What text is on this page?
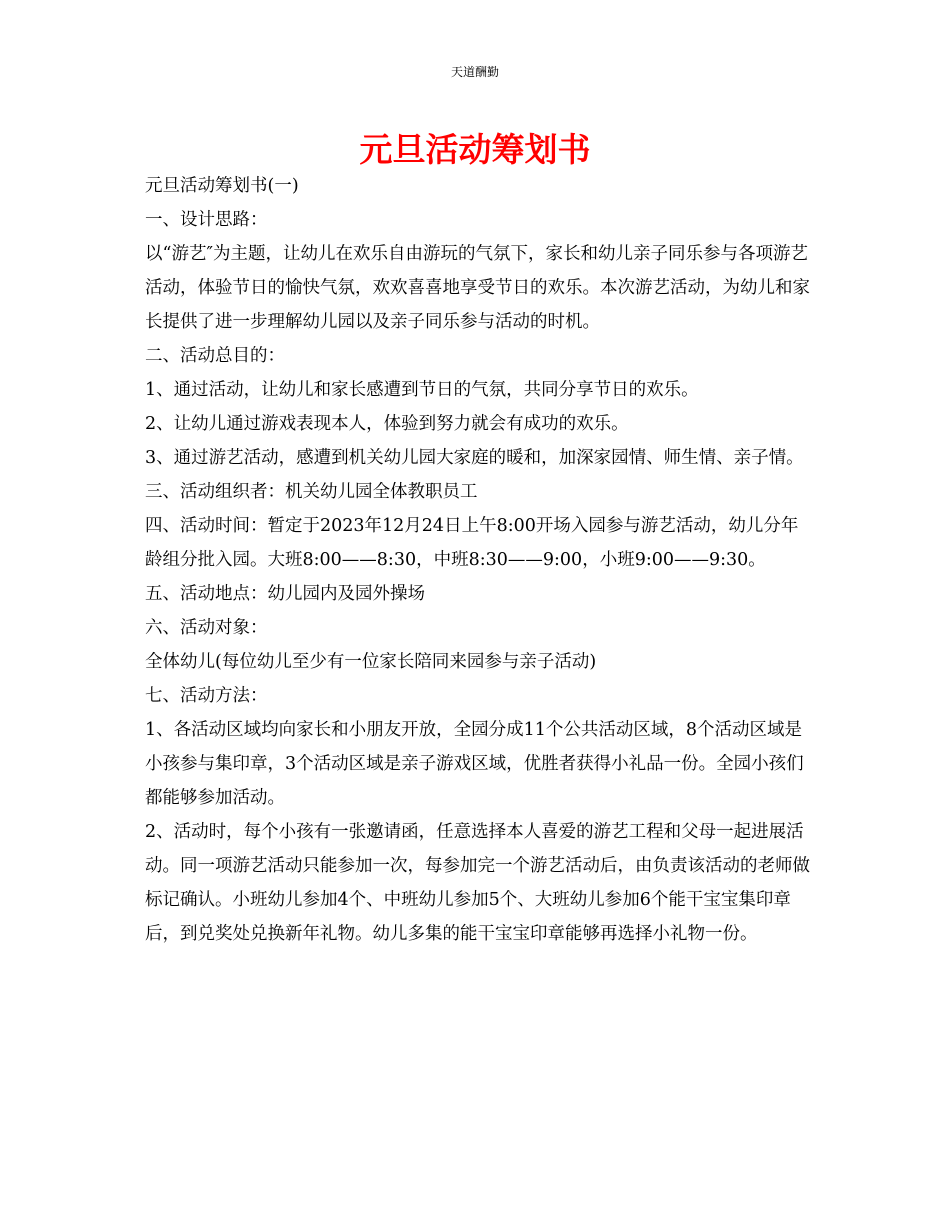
天道酬勤
元旦活动筹划书

元旦活动筹划书(一)

一、设计思路：

以“游艺″为主题，让幼儿在欢乐自由游玩的气氛下，家长和幼儿亲子同乐参与各项游艺活动，体验节日的愉快气氛，欢欢喜喜地享受节日的欢乐。本次游艺活动，为幼儿和家长提供了进一步理解幼儿园以及亲子同乐参与活动的时机。

二、活动总目的：

1、通过活动，让幼儿和家长感遭到节日的气氛，共同分享节日的欢乐。

2、让幼儿通过游戏表现本人，体验到努力就会有成功的欢乐。

3、通过游艺活动，感遭到机关幼儿园大家庭的暖和，加深家园情、师生情、亲子情。

三、活动组织者：机关幼儿园全体教职员工

四、活动时间：暂定于2023年12月24日上午8:00开场入园参与游艺活动，幼儿分年龄组分批入园。大班8:00——8:30，中班8:30——9:00，小班9:00——9:30。

五、活动地点：幼儿园内及园外操场

六、活动对象：

全体幼儿(每位幼儿至少有一位家长陪同来园参与亲子活动)

七、活动方法：

1、各活动区域均向家长和小朋友开放，全园分成11个公共活动区域，8个活动区域是小孩参与集印章，3个活动区域是亲子游戏区域，优胜者获得小礼品一份。全园小孩们都能够参加活动。

2、活动时，每个小孩有一张邀请函，任意选择本人喜爱的游艺工程和父母一起进展活动。同一项游艺活动只能参加一次，每参加完一个游艺活动后，由负责该活动的老师做标记确认。小班幼儿参加4个、中班幼儿参加5个、大班幼儿参加6个能干宝宝集印章后，到兑奖处兑换新年礼物。幼儿多集的能干宝宝印章能够再选择小礼物一份。
